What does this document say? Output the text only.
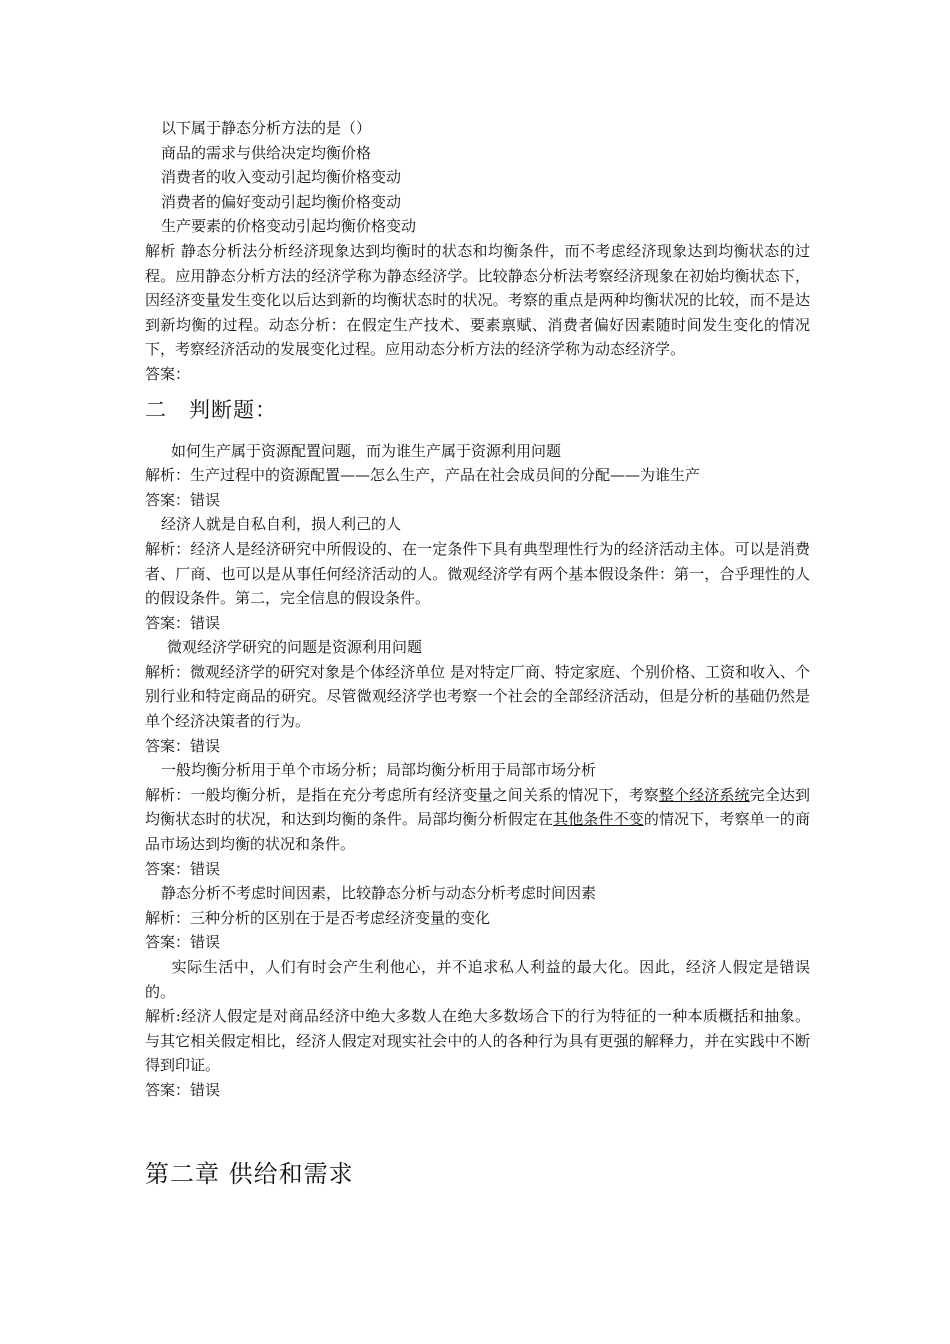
以下属于静态分析方法的是（）
商品的需求与供给决定均衡价格
消费者的收入变动引起均衡价格变动
消费者的偏好变动引起均衡价格变动
生产要素的价格变动引起均衡价格变动
解析 静态分析法分析经济现象达到均衡时的状态和均衡条件，而不考虑经济现象达到均衡状态的过程。应用静态分析方法的经济学称为静态经济学。比较静态分析法考察经济现象在初始均衡状态下，因经济变量发生变化以后达到新的均衡状态时的状况。考察的重点是两种均衡状况的比较，而不是达到新均衡的过程。动态分析：在假定生产技术、要素禀赋、消费者偏好因素随时间发生变化的情况下，考察经济活动的发展变化过程。应用动态分析方法的经济学称为动态经济学。
答案：
二 判断题：
如何生产属于资源配置问题，而为谁生产属于资源利用问题
解析：生产过程中的资源配置——怎么生产，产品在社会成员间的分配——为谁生产
答案：错误
经济人就是自私自利，损人利己的人
解析：经济人是经济研究中所假设的、在一定条件下具有典型理性行为的经济活动主体。可以是消费者、厂商、也可以是从事任何经济活动的人。微观经济学有两个基本假设条件：第一，合乎理性的人的假设条件。第二，完全信息的假设条件。
答案：错误
微观经济学研究的问题是资源利用问题
解析：微观经济学的研究对象是个体经济单位 是对特定厂商、特定家庭、个别价格、工资和收入、个别行业和特定商品的研究。尽管微观经济学也考察一个社会的全部经济活动，但是分析的基础仍然是单个经济决策者的行为。
答案：错误
一般均衡分析用于单个市场分析；局部均衡分析用于局部市场分析
解析：一般均衡分析，是指在充分考虑所有经济变量之间关系的情况下，考察整个经济系统完全达到均衡状态时的状况，和达到均衡的条件。局部均衡分析假定在其他条件不变的情况下，考察单一的商品市场达到均衡的状况和条件。
答案：错误
静态分析不考虑时间因素，比较静态分析与动态分析考虑时间因素
解析：三种分析的区别在于是否考虑经济变量的变化
答案：错误
实际生活中，人们有时会产生利他心，并不追求私人利益的最大化。因此，经济人假定是错误的。
解析:经济人假定是对商品经济中绝大多数人在绝大多数场合下的行为特征的一种本质概括和抽象。与其它相关假定相比，经济人假定对现实社会中的人的各种行为具有更强的解释力，并在实践中不断得到印证。
答案：错误
第二章 供给和需求
